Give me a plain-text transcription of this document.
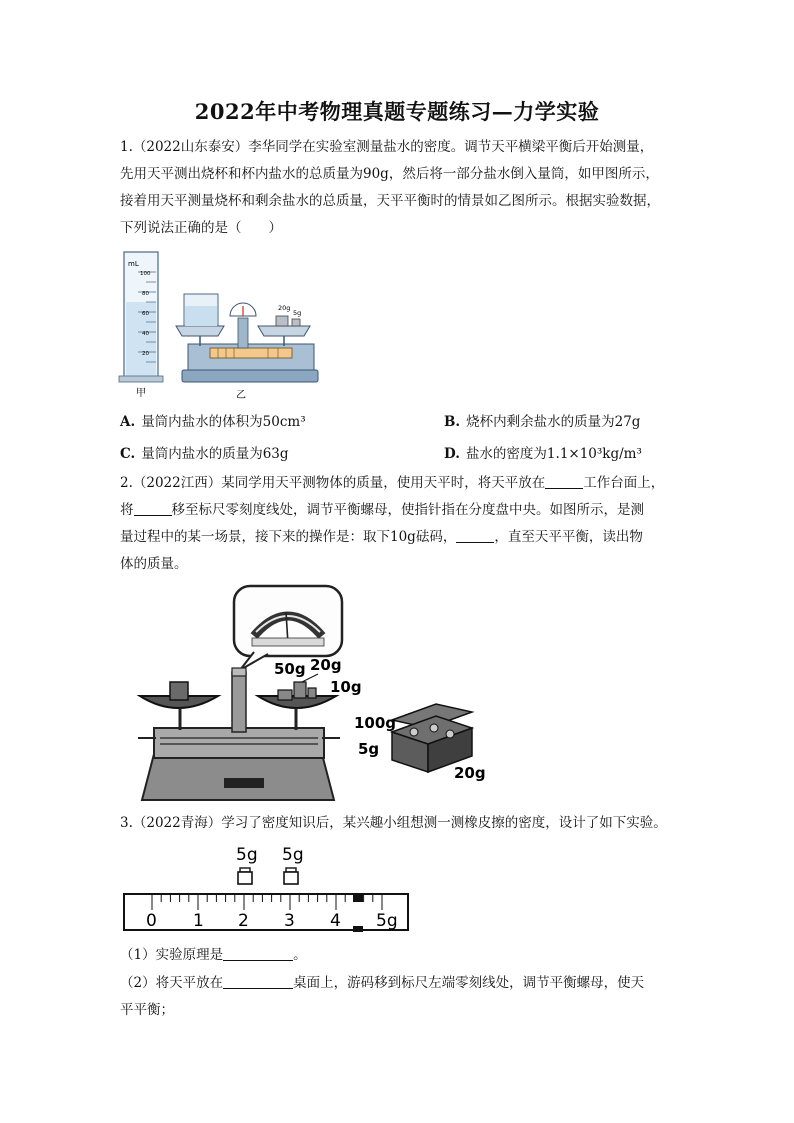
2022年中考物理真题专题练习—力学实验
1.（2022山东泰安）李华同学在实验室测量盐水的密度。调节天平横梁平衡后开始测量，
先用天平测出烧杯和杯内盐水的总质量为90g，然后将一部分盐水倒入量筒，如甲图所示，
接着用天平测量烧杯和剩余盐水的总质量，天平平衡时的情景如乙图所示。根据实验数据，
下列说法正确的是（　　）
mL
100
80
60
40
20
甲
20g
5g
乙
A. 量筒内盐水的体积为50cm³	B. 烧杯内剩余盐水的质量为27g
C. 量筒内盐水的质量为63g	D. 盐水的密度为1.1×10³kg/m³
2.（2022江西）某同学用天平测物体的质量，使用天平时，将天平放在	工作台面上，
将	移至标尺零刻度线处，调节平衡螺母，使指针指在分度盘中央。如图所示，是测
量过程中的某一场景，接下来的操作是：取下10g砝码，	，直至天平平衡，读出物
体的质量。
50g 20g
10g
100g
5g
20g
3.（2022青海）学习了密度知识后，某兴趣小组想测一测橡皮擦的密度，设计了如下实验。
5g 5g
0 1 2 3 4 5g
（1）实验原理是	。
（2）将天平放在	桌面上，游码移到标尺左端零刻线处，调节平衡螺母，使天
平平衡；
